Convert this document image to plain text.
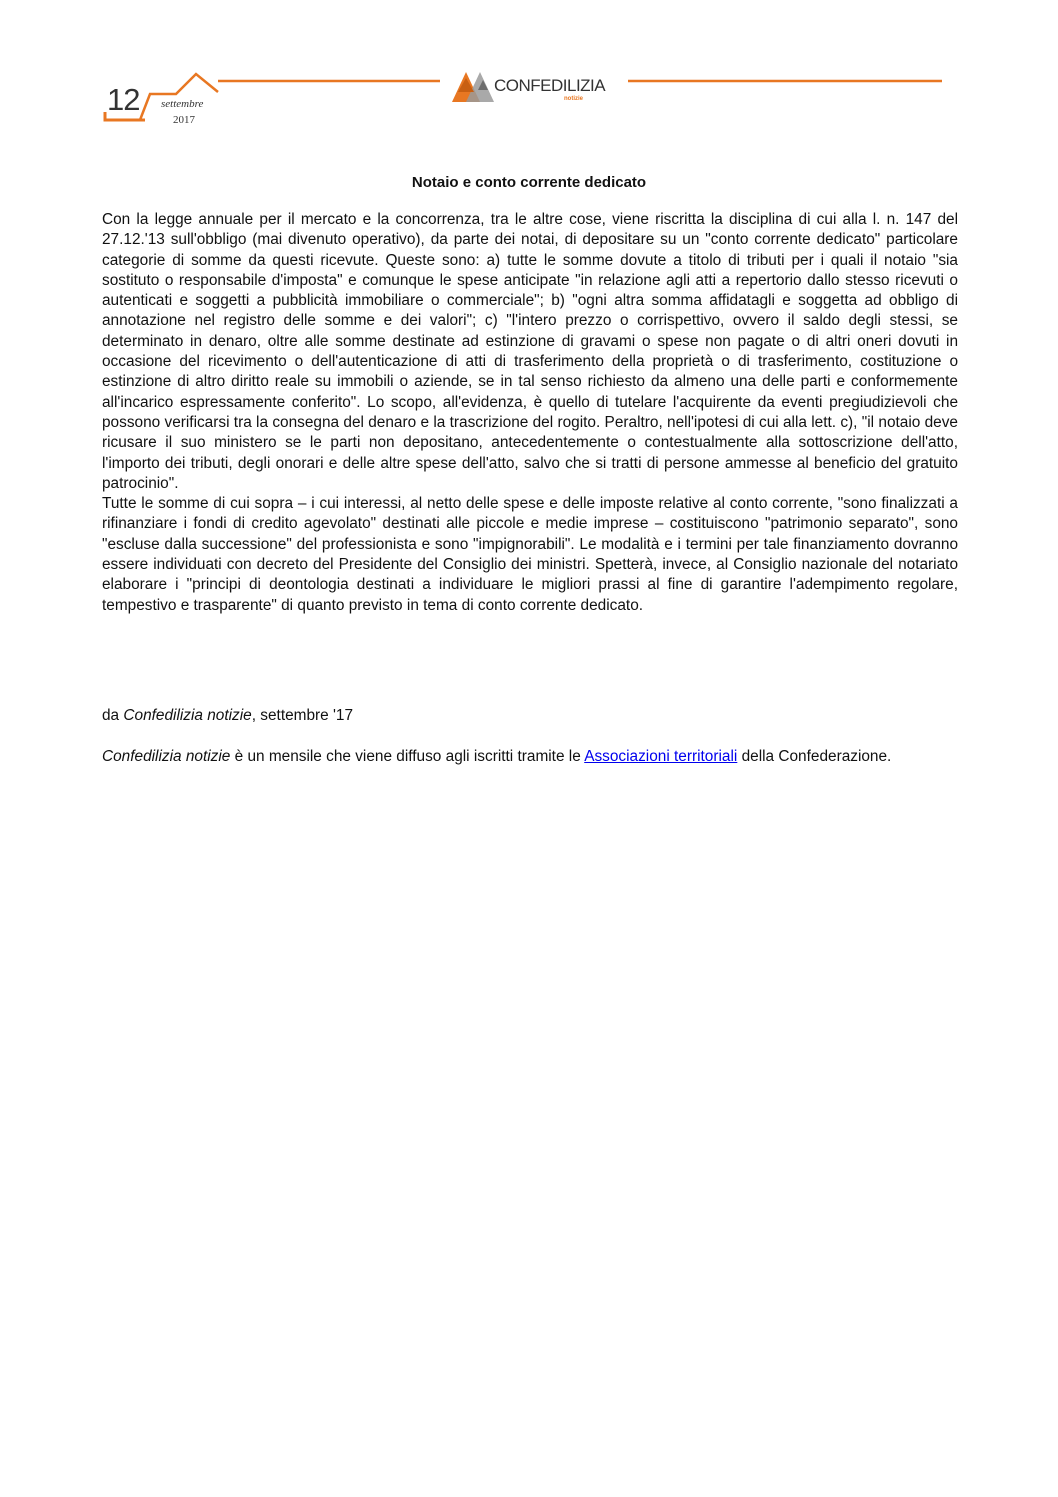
12 settembre
2017
CONFEDILIZIA
notizie
Notaio e conto corrente dedicato

Con la legge annuale per il mercato e la concorrenza, tra le altre cose, viene riscritta la disciplina di cui alla l. n. 147 del 27.12.'13 sull'obbligo (mai divenuto operativo), da parte dei notai, di depositare su un "conto corrente dedicato" particolare categorie di somme da questi ricevute. Queste sono: a) tutte le somme dovute a titolo di tributi per i quali il notaio "sia sostituto o responsabile d'imposta" e comunque le spese anticipate "in relazione agli atti a repertorio dallo stesso ricevuti o autenticati e soggetti a pubblicità immobiliare o commerciale"; b) "ogni altra somma affidatagli e soggetta ad obbligo di annotazione nel registro delle somme e dei valori"; c) "l'intero prezzo o corrispettivo, ovvero il saldo degli stessi, se determinato in denaro, oltre alle somme destinate ad estinzione di gravami o spese non pagate o di altri oneri dovuti in occasione del ricevimento o dell'autenticazione di atti di trasferimento della proprietà o di trasferimento, costituzione o estinzione di altro diritto reale su immobili o aziende, se in tal senso richiesto da almeno una delle parti e conformemente all'incarico espressamente conferito". Lo scopo, all'evidenza, è quello di tutelare l'acquirente da eventi pregiudizievoli che possono verificarsi tra la consegna del denaro e la trascrizione del rogito. Peraltro, nell'ipotesi di cui alla lett. c), "il notaio deve ricusare il suo ministero se le parti non depositano, antecedentemente o contestualmente alla sottoscrizione dell'atto, l'importo dei tributi, degli onorari e delle altre spese dell'atto, salvo che si tratti di persone ammesse al beneficio del gratuito patrocinio".

Tutte le somme di cui sopra – i cui interessi, al netto delle spese e delle imposte relative al conto corrente, "sono finalizzati a rifinanziare i fondi di credito agevolato" destinati alle piccole e medie imprese – costituiscono "patrimonio separato", sono "escluse dalla successione" del professionista e sono "impignorabili". Le modalità e i termini per tale finanziamento dovranno essere individuati con decreto del Presidente del Consiglio dei ministri. Spetterà, invece, al Consiglio nazionale del notariato elaborare i "principi di deontologia destinati a individuare le migliori prassi al fine di garantire l'adempimento regolare, tempestivo e trasparente" di quanto previsto in tema di conto corrente dedicato.

da Confedilizia notizie, settembre '17

Confedilizia notizie è un mensile che viene diffuso agli iscritti tramite le Associazioni territoriali della Confederazione.
